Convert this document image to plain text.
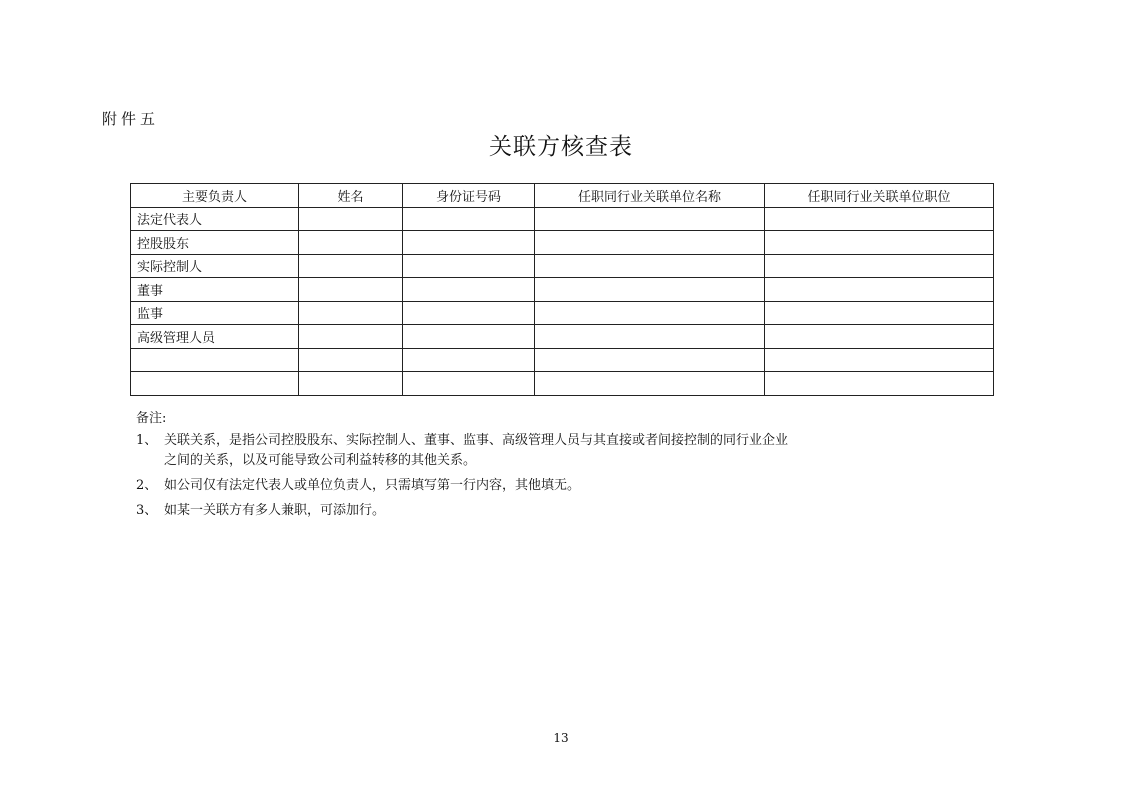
附件五
关联方核查表
主要负责人	姓名	身份证号码	任职同行业关联单位名称	任职同行业关联单位职位
法定代表人				
控股股东				
实际控制人				
董事				
监事				
高级管理人员				

备注:
1、 关联关系，是指公司控股股东、实际控制人、董事、监事、高级管理人员与其直接或者间接控制的同行业企业
之间的关系，以及可能导致公司利益转移的其他关系。
2、 如公司仅有法定代表人或单位负责人，只需填写第一行内容，其他填无。
3、 如某一关联方有多人兼职，可添加行。
13
